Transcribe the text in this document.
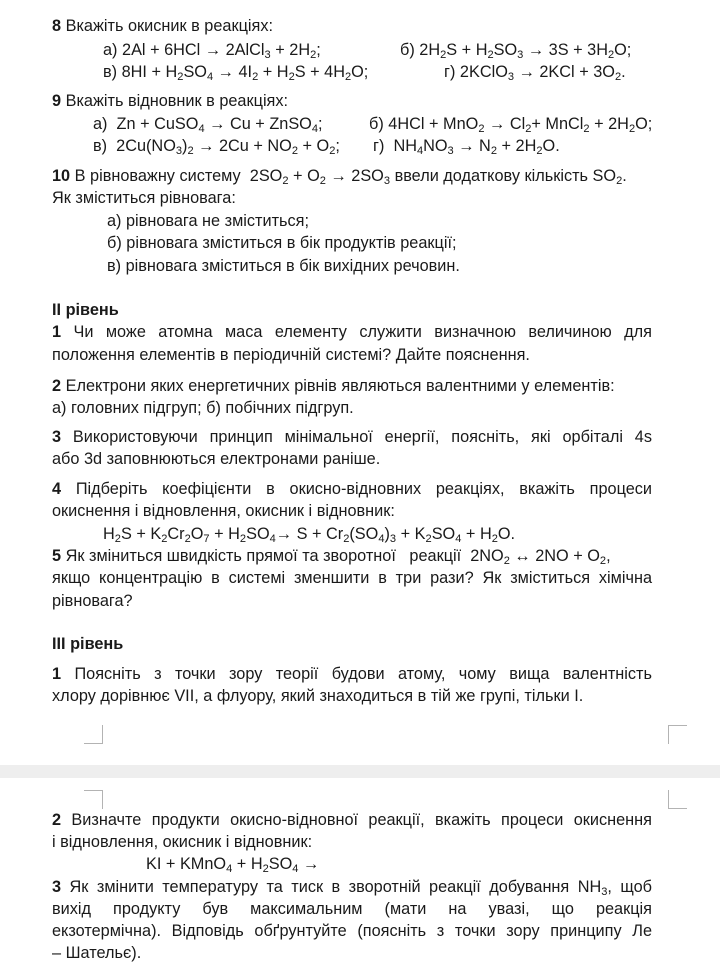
8 Вкажіть окисник в реакціях:
а) 2Al + 6HCl → 2AlCl$_3$ + $2H_2$;	б) $2H_2S + H_2SO_3 \to 3S + 3H_2O$;
в) $8HI + H_2SO_4 \to 4I_2 + H_2S + 4H_2O$;	г) 2KClO$_3$ → $2KCl + 3O_2$.
9 Вкажіть відновник в реакціях:
а) Zn + CuSO$_4$ → Cu + ZnSO$_4$;	б) $4HCl + MnO_2 \to Cl_2+$ MnCl$_2$ + $2H_2O$;
в) $2Cu(NO_3)_2 \to 2Cu + NO_2 + O_2$; г) $NH_4NO_3 \to N_2 + 2H_2O$.
10 В рівноважну систему $2SO_2 + O_2 \to 2SO_3$ ввели додаткову кількість $SO_2$.
Як зміститься рівновага:
а) рівновага не зміститься;
б) рівновага зміститься в бік продуктів реакції;
в) рівновага зміститься в бік вихідних речовин.
ІІ рівень
1 Чи може атомна маса елементу служити визначною величиною для
положення елементів в періодичній системі? Дайте пояснення.
2 Електрони яких енергетичних рівнів являються валентними у елементів:
а) головних підгруп; б) побічних підгруп.
3 Використовуючи принцип мінімальної енергії, поясніть, які орбіталі 4s
або 3d заповнюються електронами раніше.
4 Підберіть коефіцієнти в окисно-відновних реакціях, вкажіть процеси
окиснення і відновлення, окисник і відновник:
$H_2S + K_2Cr_2O_7 + H_2SO_4\to S + Cr_2(SO_4)_3 + K_2SO_4 + H_2O$.
5 Як зміниться швидкість прямої та зворотної   реакції $2NO_2$ ↔ $2NO + O_2$,
якщо концентрацію в системі зменшити в три рази? Як зміститься хімічна
рівновага?
ІІІ рівень
1 Поясніть з точки зору теорії будови атому, чому вища валентність
хлору дорівнює VII, а флуору, який знаходиться в тій же групі, тільки I.
2 Визначте продукти окисно-відновної реакції, вкажіть процеси окиснення
і відновлення, окисник і відновник:
KI + KMnO$_4$ + $H_2SO_4$ →
3 Як змінити температуру та тиск в зворотній реакції добування $NH_3$, щоб
вихід продукту був максимальним (мати на увазі, що реакція
екзотермічна). Відповідь обґрунтуйте (поясніть з точки зору принципу Ле
– Шательє).
